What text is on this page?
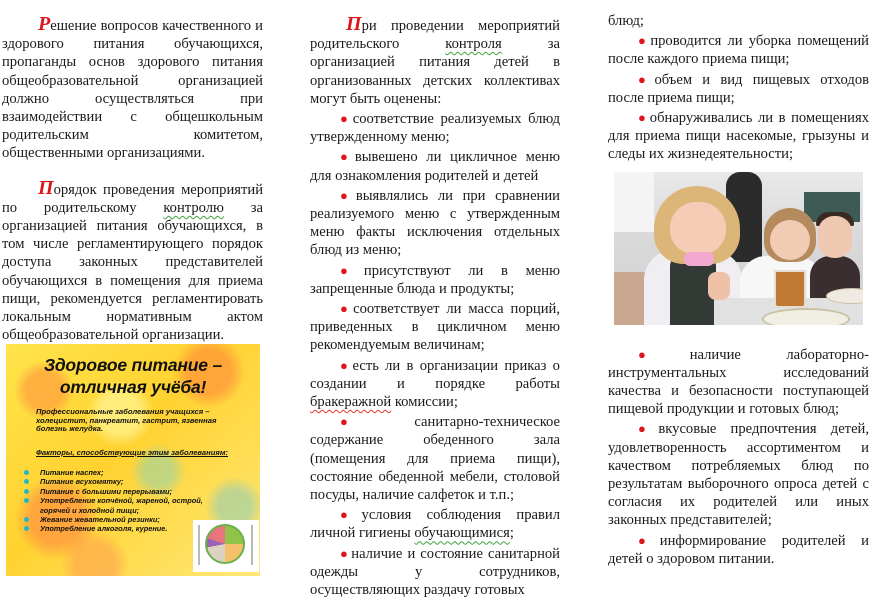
Решение вопросов качественного и здорового питания обучающихся, пропаганды основ здорового питания общеобразовательной организацией должно осуществляться при взаимодействии с общешкольным родительским комитетом, общественными организациями.

Порядок проведения мероприятий по родительскому контролю за организацией питания обучающихся, в том числе регламентирующего порядок доступа законных представителей обучающихся в помещения для приема пищи, рекомендуется регламентировать локальным нормативным актом общеобразовательной организации.

Здоровое питание –
отличная учёба!
Профессиональные заболевания учащихся – холецистит, панкреатит, гастрит, язвенная болезнь желудка.
Факторы, способствующие этим заболеваниям:
Питание наспех;
Питание всухомятку;
Питание с большими перерывами;
Употребление копчёной, жареной, острой, горячей и холодной пищи;
Жевание жевательной резинки;
Употребление алкоголя, курение.

При проведении мероприятий родительского контроля за организацией питания детей в организованных детских коллективах могут быть оценены:

● соответствие реализуемых блюд утвержденному меню;

● вывешено ли цикличное меню для ознакомления родителей и детей

● выявлялись ли при сравнении реализуемого меню с утвержденным меню факты исключения отдельных блюд из меню;

● присутствуют ли в меню запрещенные блюда и продукты;

● соответствует ли масса порций, приведенных в цикличном меню рекомендуемым величинам;

● есть ли в организации приказ о создании и порядке работы бракеражной комиссии;

● санитарно-техническое содержание обеденного зала (помещения для приема пищи), состояние обеденной мебели, столовой посуды, наличие салфеток и т.п.;

● условия соблюдения правил личной гигиены обучающимися;

● наличие и состояние санитарной одежды у сотрудников, осуществляющих раздачу готовых

блюд;

● проводится ли уборка помещений после каждого приема пищи;

● объем и вид пищевых отходов после приема пищи;

● обнаруживались ли в помещениях для приема пищи насекомые, грызуны и следы их жизнедеятельности;

● наличие лабораторно-инструментальных исследований качества и безопасности поступающей пищевой продукции и готовых блюд;

● вкусовые предпочтения детей, удовлетворенность ассортиментом и качеством потребляемых блюд по результатам выборочного опроса детей с согласия их родителей или иных законных представителей;

● информирование родителей и детей о здоровом питании.
